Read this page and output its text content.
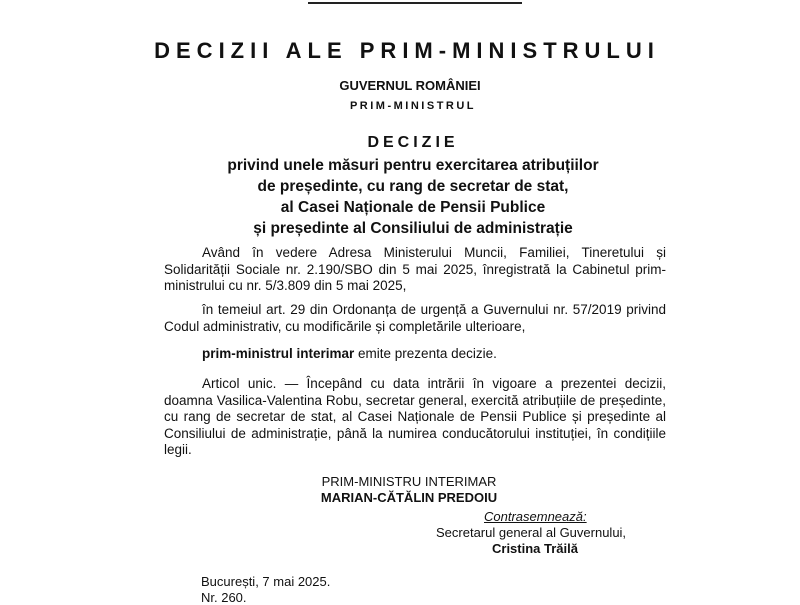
DECIZII ALE PRIM-MINISTRULUI
GUVERNUL ROMÂNIEI
PRIM-MINISTRUL
DECIZIE
privind unele măsuri pentru exercitarea atribuțiilor
de președinte, cu rang de secretar de stat,
al Casei Naționale de Pensii Publice
și președinte al Consiliului de administrație
Având în vedere Adresa Ministerului Muncii, Familiei, Tineretului și Solidarității Sociale nr. 2.190/SBO din 5 mai 2025, înregistrată la Cabinetul prim-ministrului cu nr. 5/3.809 din 5 mai 2025,
în temeiul art. 29 din Ordonanța de urgență a Guvernului nr. 57/2019 privind Codul administrativ, cu modificările și completările ulterioare,
prim-ministrul interimar emite prezenta decizie.
Articol unic. — Începând cu data intrării în vigoare a prezentei decizii, doamna Vasilica-Valentina Robu, secretar general, exercită atribuțiile de președinte, cu rang de secretar de stat, al Casei Naționale de Pensii Publice și președinte al Consiliului de administrație, până la numirea conducătorului instituției, în condițiile legii.
PRIM-MINISTRU INTERIMAR
MARIAN-CĂTĂLIN PREDOIU
Contrasemnează:
Secretarul general al Guvernului,
Cristina Trăilă
București, 7 mai 2025.
Nr. 260.
